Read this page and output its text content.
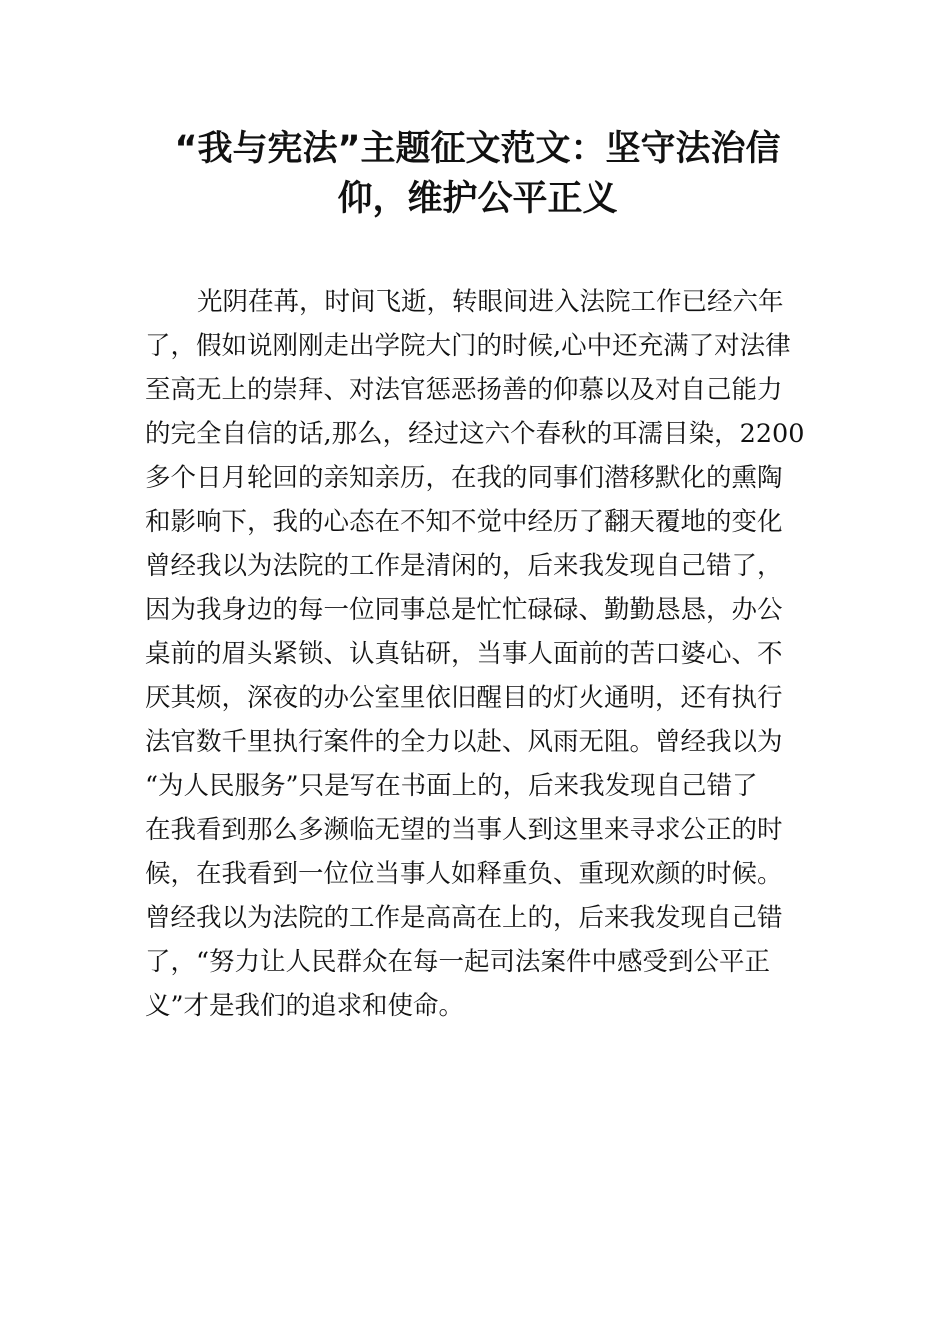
“我与宪法”主题征文范文：坚守法治信
仰，维护公平正义
光阴荏苒，时间飞逝，转眼间进入法院工作已经六年
了，假如说刚刚走出学院大门的时候,心中还充满了对法律
至高无上的崇拜、对法官惩恶扬善的仰慕以及对自己能力
的完全自信的话,那么，经过这六个春秋的耳濡目染，2200
多个日月轮回的亲知亲历，在我的同事们潜移默化的熏陶
和影响下，我的心态在不知不觉中经历了翻天覆地的变化
曾经我以为法院的工作是清闲的，后来我发现自己错了，
因为我身边的每一位同事总是忙忙碌碌、勤勤恳恳，办公
桌前的眉头紧锁、认真钻研，当事人面前的苦口婆心、不
厌其烦，深夜的办公室里依旧醒目的灯火通明，还有执行
法官数千里执行案件的全力以赴、风雨无阻。曾经我以为
“为人民服务”只是写在书面上的，后来我发现自己错了
在我看到那么多濒临无望的当事人到这里来寻求公正的时
候，在我看到一位位当事人如释重负、重现欢颜的时候。
曾经我以为法院的工作是高高在上的，后来我发现自己错
了，“努力让人民群众在每一起司法案件中感受到公平正
义”才是我们的追求和使命。
